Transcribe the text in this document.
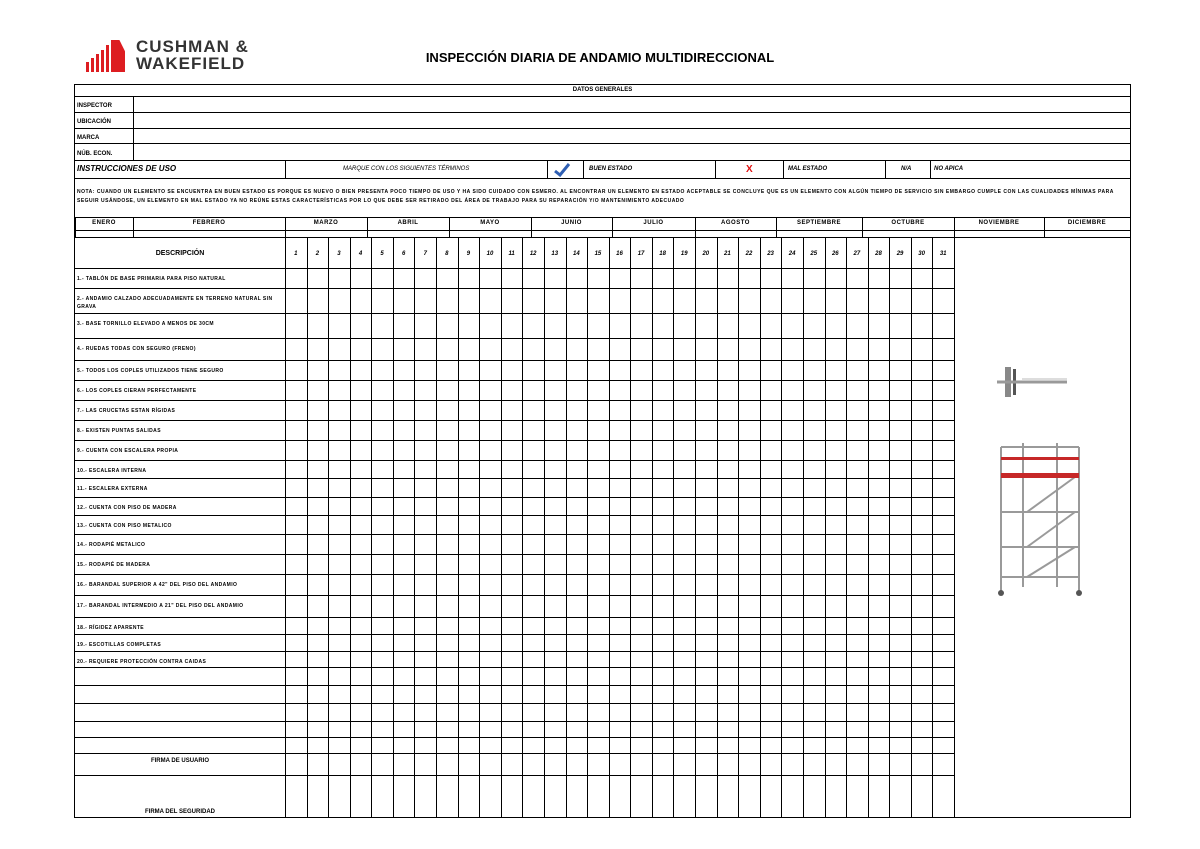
CUSHMAN &
WAKEFIELD	INSPECCIÓN DIARIA DE ANDAMIO MULTIDIRECCIONAL
DATOS GENERALES
INSPECTOR
UBICACIÓN
MARCA
NÚB. ECON.
INSTRUCCIONES DE USO	MARQUE CON LOS SIGUIENTES TÉRMINOS	BUEN ESTADO	X	MAL ESTADO	N/A	NO APICA
NOTA: CUANDO UN ELEMENTO SE ENCUENTRA EN BUEN ESTADO ES PORQUE ES NUEVO O BIEN PRESENTA POCO TIEMPO DE USO Y HA SIDO CUIDADO CON ESMERO. AL ENCONTRAR UN ELEMENTO EN ESTADO ACEPTABLE SE CONCLUYE QUE ES UN ELEMENTO CON ALGÚN TIEMPO DE SERVICIO SIN EMBARGO CUMPLE CON LAS CUALIDADES MÍNIMAS PARA SEGUIR USÁNDOSE, UN ELEMENTO EN MAL ESTADO YA NO REÚNE ESTAS CARACTERÍSTICAS POR LO QUE DEBE SER RETIRADO DEL ÁREA DE TRABAJO PARA SU REPARACIÓN Y/O MANTENIMIENTO ADECUADO
DESCRIPCIÓN
ENERO	FEBRERO	MARZO	ABRIL	MAYO	JUNIO	JULIO	AGOSTO	SEPTIEMBRE	OCTUBRE	NOVIEMBRE	DICIEMBRE
1	2	3	4	5	6	7	8	9	10	11	12	13	14	15	16	17	18	19	20	21	22	23	24	25	26	27	28	29	30	31
1.- TABLÓN DE BASE PRIMARIA PARA PISO NATURAL
2.- ANDAMIO CALZADO ADECUADAMENTE EN TERRENO NATURAL SIN GRAVA
3.- BASE TORNILLO ELEVADO A MENOS DE 30CM
4.- RUEDAS TODAS CON SEGURO (FRENO)
5.- TODOS LOS COPLES UTILIZADOS TIENE SEGURO
6.- LOS COPLES CIERAN PERFECTAMENTE
7.- LAS CRUCETAS ESTAN RÍGIDAS
8.- EXISTEN PUNTAS SALIDAS
9.- CUENTA CON ESCALERA PROPIA
10.- ESCALERA INTERNA
11.- ESCALERA EXTERNA
12.- CUENTA CON PISO DE MADERA
13.- CUENTA CON PISO METALICO
14.- RODAPIÉ METALICO
15.- RODAPIÉ DE MADERA
16.- BARANDAL SUPERIOR A 42" DEL PISO DEL ANDAMIO
17.- BARANDAL INTERMEDIO A 21" DEL PISO DEL ANDAMIO
18.- RÍGIDEZ APARENTE
19.- ESCOTILLAS COMPLETAS
20.- REQUIERE PROTECCIÓN CONTRA CAIDAS
FIRMA DE USUARIO
FIRMA DEL SEGURIDAD
